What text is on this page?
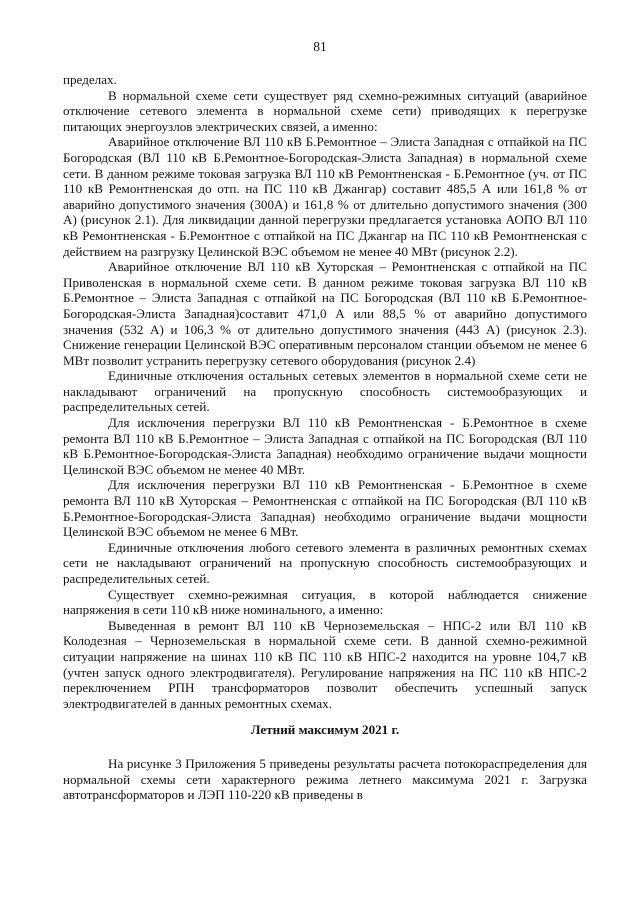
81

пределах.

В нормальной схеме сети существует ряд схемно-режимных ситуаций (аварийное отключение сетевого элемента в нормальной схеме сети) приводящих к перегрузке питающих энергоузлов электрических связей, а именно:

Аварийное отключение ВЛ 110 кВ Б.Ремонтное – Элиста Западная с отпайкой на ПС Богородская (ВЛ 110 кВ Б.Ремонтное-Богородская-Элиста Западная) в нормальной схеме сети. В данном режиме токовая загрузка ВЛ 110 кВ Ремонтненская - Б.Ремонтное (уч. от ПС 110 кВ Ремонтненская до отп. на ПС 110 кВ Джангар) составит 485,5 А или 161,8 % от аварийно допустимого значения (300А) и 161,8 % от длительно допустимого значения (300 А) (рисунок 2.1). Для ликвидации данной перегрузки предлагается установка АОПО ВЛ 110 кВ Ремонтненская - Б.Ремонтное с отпайкой на ПС Джангар на ПС 110 кВ Ремонтненская с действием на разгрузку Целинской ВЭС объемом не менее 40 МВт (рисунок 2.2).

Аварийное отключение ВЛ 110 кВ Хуторская – Ремонтненская с отпайкой на ПС Приволенская в нормальной схеме сети. В данном режиме токовая загрузка ВЛ 110 кВ Б.Ремонтное – Элиста Западная с отпайкой на ПС Богородская (ВЛ 110 кВ Б.Ремонтное-Богородская-Элиста Западная)составит 471,0 А или 88,5 % от аварийно допустимого значения (532 А) и 106,3 % от длительно допустимого значения (443 А) (рисунок 2.3). Снижение генерации Целинской ВЭС оперативным персоналом станции объемом не менее 6 МВт позволит устранить перегрузку сетевого оборудования (рисунок 2.4)

Единичные отключения остальных сетевых элементов в нормальной схеме сети не накладывают ограничений на пропускную способность системообразующих и распределительных сетей.

Для исключения перегрузки ВЛ 110 кВ Ремонтненская - Б.Ремонтное в схеме ремонта ВЛ 110 кВ Б.Ремонтное – Элиста Западная с отпайкой на ПС Богородская (ВЛ 110 кВ Б.Ремонтное-Богородская-Элиста Западная) необходимо ограничение выдачи мощности Целинской ВЭС объемом не менее 40 МВт.

Для исключения перегрузки ВЛ 110 кВ Ремонтненская - Б.Ремонтное в схеме ремонта ВЛ 110 кВ Хуторская – Ремонтненская с отпайкой на ПС Богородская (ВЛ 110 кВ Б.Ремонтное-Богородская-Элиста Западная) необходимо ограничение выдачи мощности Целинской ВЭС объемом не менее 6 МВт.

Единичные отключения любого сетевого элемента в различных ремонтных схемах сети не накладывают ограничений на пропускную способность системообразующих и распределительных сетей.

Существует схемно-режимная ситуация, в которой наблюдается снижение напряжения в сети 110 кВ ниже номинального, а именно:

Выведенная в ремонт ВЛ 110 кВ Черноземельская – НПС-2 или ВЛ 110 кВ Колодезная – Черноземельская в нормальной схеме сети. В данной схемно-режимной ситуации напряжение на шинах 110 кВ ПС 110 кВ НПС-2 находится на уровне 104,7 кВ (учтен запуск одного электродвигателя). Регулирование напряжения на ПС 110 кВ НПС-2 переключением РПН трансформаторов позволит обеспечить успешный запуск электродвигателей в данных ремонтных схемах.

Летний максимум 2021 г.

На рисунке 3 Приложения 5 приведены результаты расчета потокораспределения для нормальной схемы сети характерного режима летнего максимума 2021 г. Загрузка автотрансформаторов и ЛЭП 110-220 кВ приведены в
